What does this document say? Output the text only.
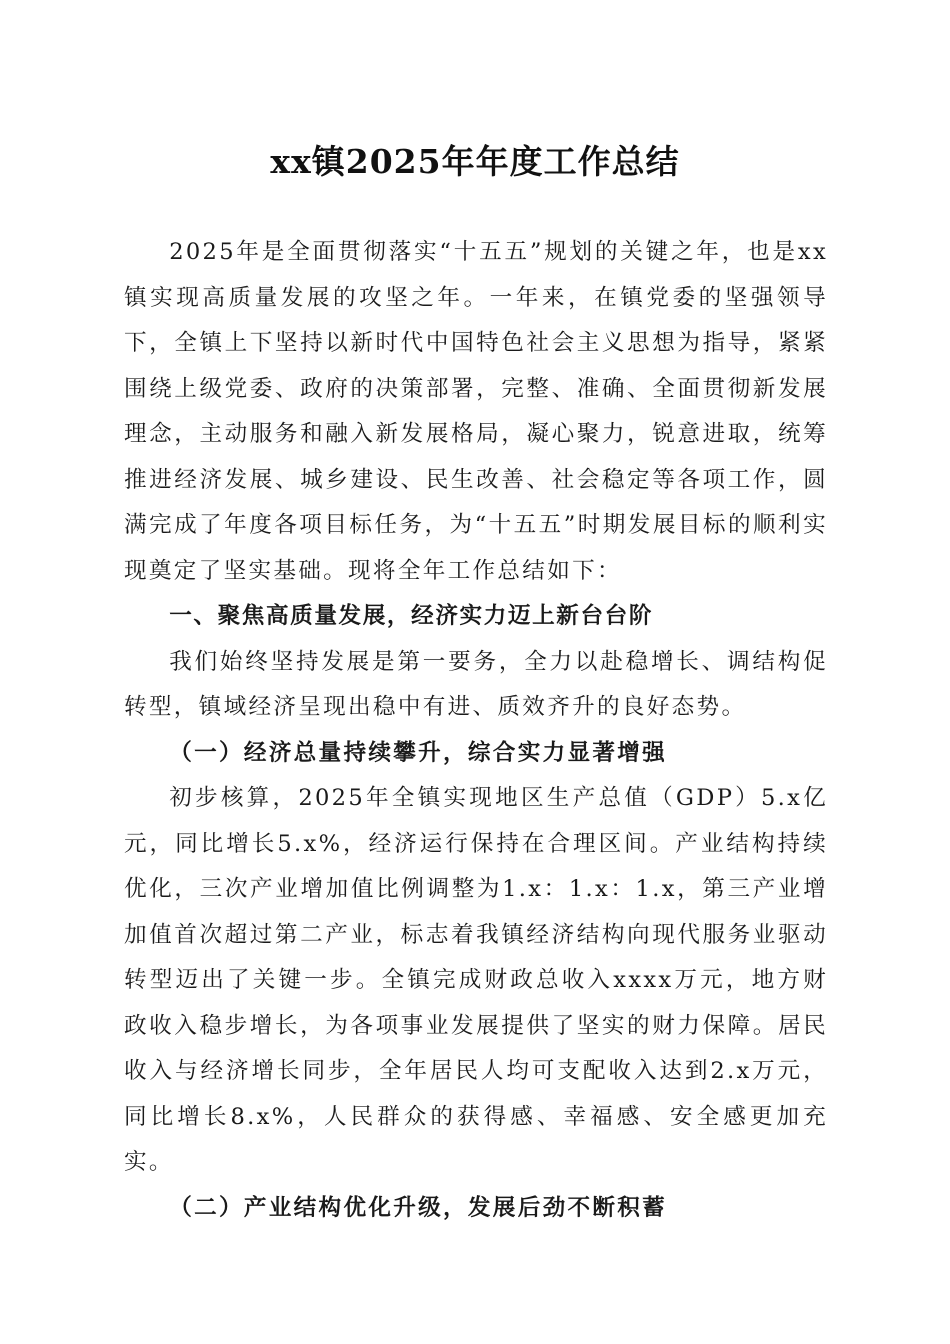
xx镇2025年年度工作总结

2025年是全面贯彻落实“十五五”规划的关键之年，也是xx镇实现高质量发展的攻坚之年。一年来，在镇党委的坚强领导下，全镇上下坚持以新时代中国特色社会主义思想为指导，紧紧围绕上级党委、政府的决策部署，完整、准确、全面贯彻新发展理念，主动服务和融入新发展格局，凝心聚力，锐意进取，统筹推进经济发展、城乡建设、民生改善、社会稳定等各项工作，圆满完成了年度各项目标任务，为“十五五”时期发展目标的顺利实现奠定了坚实基础。现将全年工作总结如下：

一、聚焦高质量发展，经济实力迈上新台台阶

我们始终坚持发展是第一要务，全力以赴稳增长、调结构促转型，镇域经济呈现出稳中有进、质效齐升的良好态势。

（一）经济总量持续攀升，综合实力显著增强

初步核算，2025年全镇实现地区生产总值（GDP）5.x亿元，同比增长5.x%，经济运行保持在合理区间。产业结构持续优化，三次产业增加值比例调整为1.x：1.x：1.x，第三产业增加值首次超过第二产业，标志着我镇经济结构向现代服务业驱动转型迈出了关键一步。全镇完成财政总收入xxxx万元，地方财政收入稳步增长，为各项事业发展提供了坚实的财力保障。居民收入与经济增长同步，全年居民人均可支配收入达到2.x万元，同比增长8.x%，人民群众的获得感、幸福感、安全感更加充实。

（二）产业结构优化升级，发展后劲不断积蓄
